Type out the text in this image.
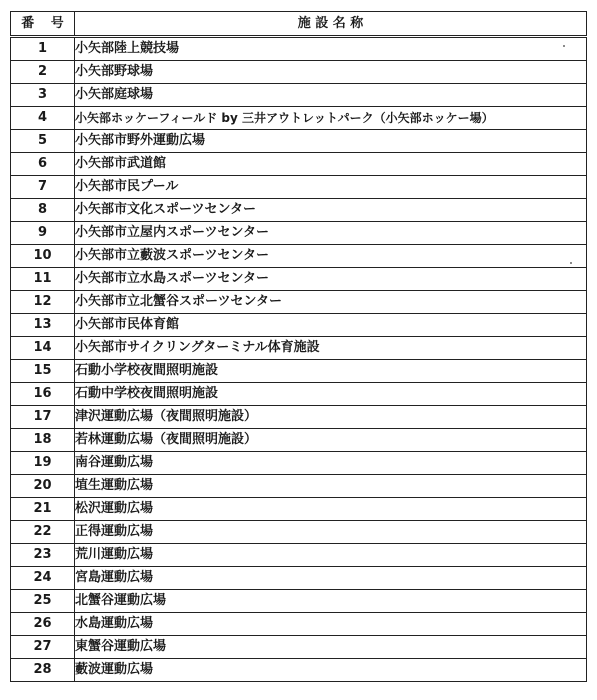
番 号	施 設 名 称
1	小矢部陸上競技場
2	小矢部野球場
3	小矢部庭球場
4	小矢部ホッケーフィールド by 三井アウトレットパーク（小矢部ホッケー場）
5	小矢部市野外運動広場
6	小矢部市武道館
7	小矢部市民プール
8	小矢部市文化スポーツセンター
9	小矢部市立屋内スポーツセンター
10	小矢部市立藪波スポーツセンター
11	小矢部市立水島スポーツセンター
12	小矢部市立北蟹谷スポーツセンター
13	小矢部市民体育館
14	小矢部市サイクリングターミナル体育施設
15	石動小学校夜間照明施設
16	石動中学校夜間照明施設
17	津沢運動広場（夜間照明施設）
18	若林運動広場（夜間照明施設）
19	南谷運動広場
20	埴生運動広場
21	松沢運動広場
22	正得運動広場
23	荒川運動広場
24	宮島運動広場
25	北蟹谷運動広場
26	水島運動広場
27	東蟹谷運動広場
28	藪波運動広場
